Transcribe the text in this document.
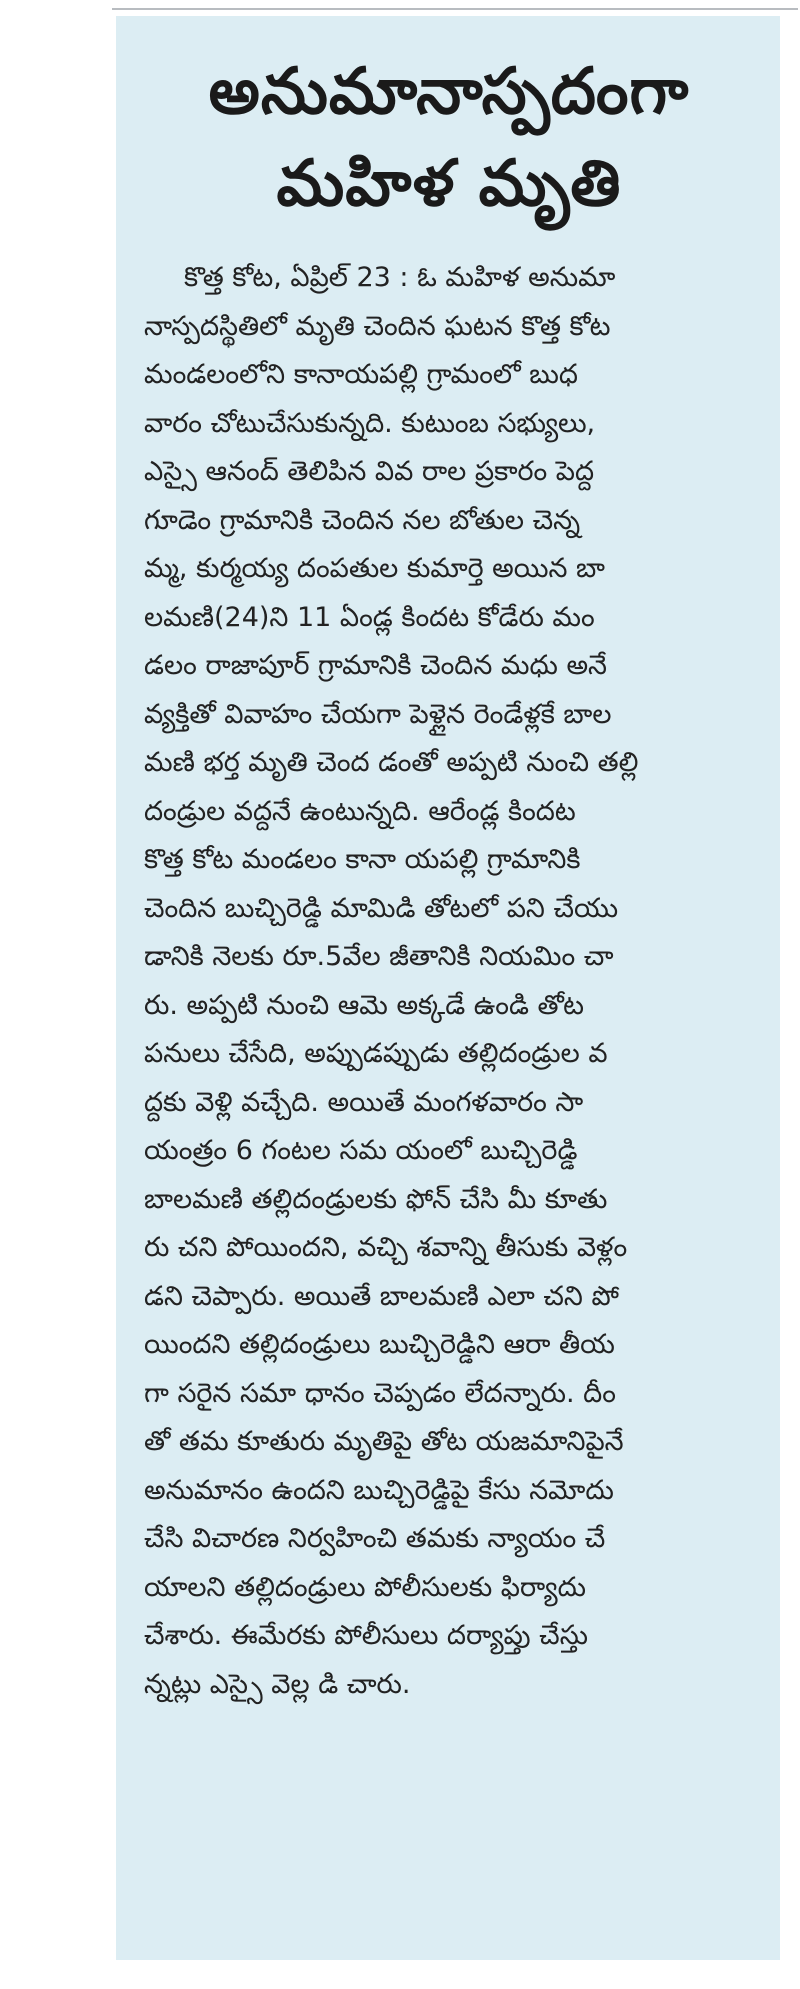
అనుమానాస్పదంగా
మహిళ మృతి
కొత్త కోట, ఏప్రిల్ 23 : ఓ మహిళ అనుమా
నాస్పదస్థితిలో మృతి చెందిన ఘటన కొత్త కోట
మండలంలోని కానాయపల్లి గ్రామంలో బుధ
వారం చోటుచేసుకున్నది. కుటుంబ సభ్యులు,
ఎస్సై ఆనంద్ తెలిపిన వివ రాల ప్రకారం పెద్ద
గూడెం గ్రామానికి చెందిన నల బోతుల చెన్న
మ్మ, కుర్మయ్య దంపతుల కుమార్తె అయిన బా
లమణి(24)ని 11 ఏండ్ల కిందట కోడేరు మం
డలం రాజాపూర్ గ్రామానికి చెందిన మధు అనే
వ్యక్తితో వివాహం చేయగా పెళ్లైన రెండేళ్లకే బాల
మణి భర్త మృతి చెంద డంతో అప్పటి నుంచి తల్లి
దండ్రుల వద్దనే ఉంటున్నది. ఆరేండ్ల కిందట
కొత్త కోట మండలం కానా యపల్లి గ్రామానికి
చెందిన బుచ్చిరెడ్డి మామిడి తోటలో పని చేయు
డానికి నెలకు రూ.5వేల జీతానికి నియమిం చా
రు. అప్పటి నుంచి ఆమె అక్కడే ఉండి తోట
పనులు చేసేది, అప్పుడప్పుడు తల్లిదండ్రుల వ
ద్దకు వెళ్లి వచ్చేది. అయితే మంగళవారం సా
యంత్రం 6 గంటల సమ యంలో బుచ్చిరెడ్డి
బాలమణి తల్లిదండ్రులకు ఫోన్ చేసి మీ కూతు
రు చని పోయిందని, వచ్చి శవాన్ని తీసుకు వెళ్లం
డని చెప్పారు. అయితే బాలమణి ఎలా చని పో
యిందని తల్లిదండ్రులు బుచ్చిరెడ్డిని ఆరా తీయ
గా సరైన సమా ధానం చెప్పడం లేదన్నారు. దీం
తో తమ కూతురు మృతిపై తోట యజమానిపైనే
అనుమానం ఉందని బుచ్చిరెడ్డిపై కేసు నమోదు
చేసి విచారణ నిర్వహించి తమకు న్యాయం చే
యాలని తల్లిదండ్రులు పోలీసులకు ఫిర్యాదు
చేశారు. ఈమేరకు పోలీసులు దర్యాప్తు చేస్తు
న్నట్లు ఎస్సై వెల్ల డి చారు.
